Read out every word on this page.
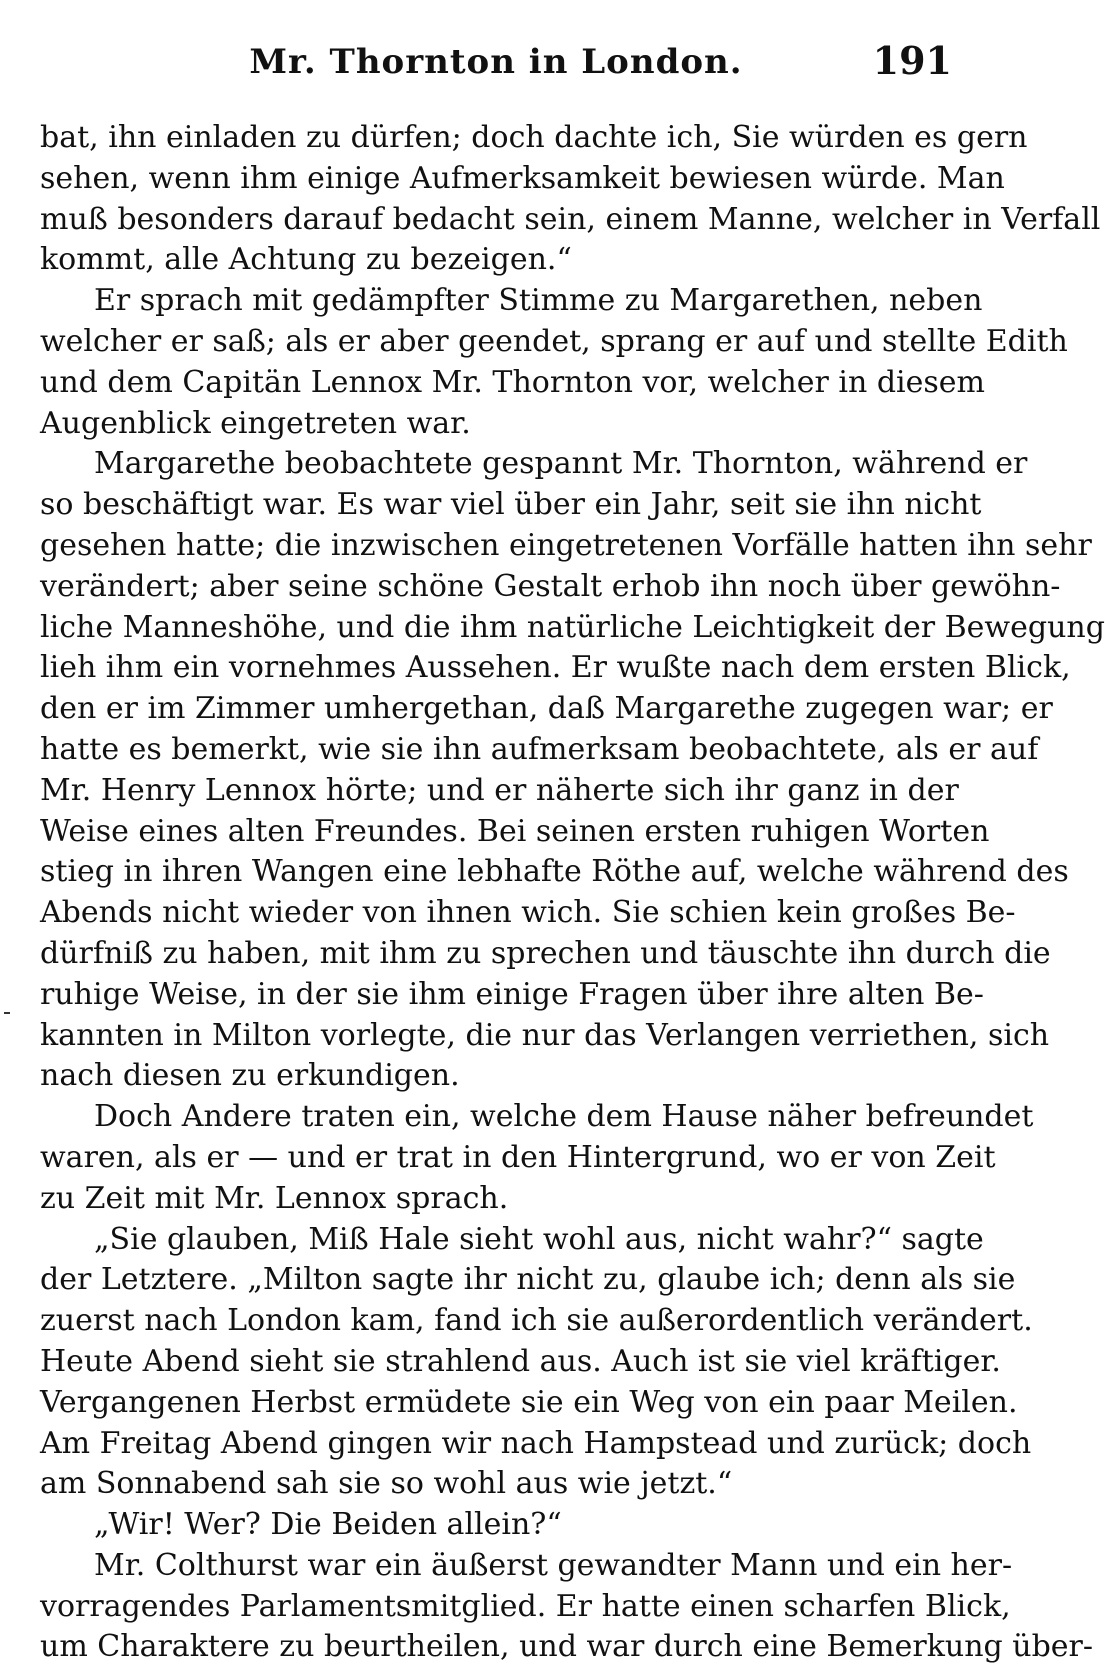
Mr. Thornton in London.	191
bat, ihn einladen zu dürfen; doch dachte ich, Sie würden es gern
sehen, wenn ihm einige Aufmerksamkeit bewiesen würde. Man
muß besonders darauf bedacht sein, einem Manne, welcher in Verfall
kommt, alle Achtung zu bezeigen.“
Er sprach mit gedämpfter Stimme zu Margarethen, neben
welcher er saß; als er aber geendet, sprang er auf und stellte Edith
und dem Capitän Lennox Mr. Thornton vor, welcher in diesem
Augenblick eingetreten war.
Margarethe beobachtete gespannt Mr. Thornton, während er
so beschäftigt war. Es war viel über ein Jahr, seit sie ihn nicht
gesehen hatte; die inzwischen eingetretenen Vorfälle hatten ihn sehr
verändert; aber seine schöne Gestalt erhob ihn noch über gewöhn-
liche Manneshöhe, und die ihm natürliche Leichtigkeit der Bewegung
lieh ihm ein vornehmes Aussehen. Er wußte nach dem ersten Blick,
den er im Zimmer umhergethan, daß Margarethe zugegen war; er
hatte es bemerkt, wie sie ihn aufmerksam beobachtete, als er auf
Mr. Henry Lennox hörte; und er näherte sich ihr ganz in der
Weise eines alten Freundes. Bei seinen ersten ruhigen Worten
stieg in ihren Wangen eine lebhafte Röthe auf, welche während des
Abends nicht wieder von ihnen wich. Sie schien kein großes Be-
dürfniß zu haben, mit ihm zu sprechen und täuschte ihn durch die
ruhige Weise, in der sie ihm einige Fragen über ihre alten Be-
kannten in Milton vorlegte, die nur das Verlangen verriethen, sich
nach diesen zu erkundigen.
Doch Andere traten ein, welche dem Hause näher befreundet
waren, als er — und er trat in den Hintergrund, wo er von Zeit
zu Zeit mit Mr. Lennox sprach.
„Sie glauben, Miß Hale sieht wohl aus, nicht wahr?“ sagte
der Letztere. „Milton sagte ihr nicht zu, glaube ich; denn als sie
zuerst nach London kam, fand ich sie außerordentlich verändert.
Heute Abend sieht sie strahlend aus. Auch ist sie viel kräftiger.
Vergangenen Herbst ermüdete sie ein Weg von ein paar Meilen.
Am Freitag Abend gingen wir nach Hampstead und zurück; doch
am Sonnabend sah sie so wohl aus wie jetzt.“
„Wir! Wer? Die Beiden allein?“
Mr. Colthurst war ein äußerst gewandter Mann und ein her-
vorragendes Parlamentsmitglied. Er hatte einen scharfen Blick,
um Charaktere zu beurtheilen, und war durch eine Bemerkung über-
